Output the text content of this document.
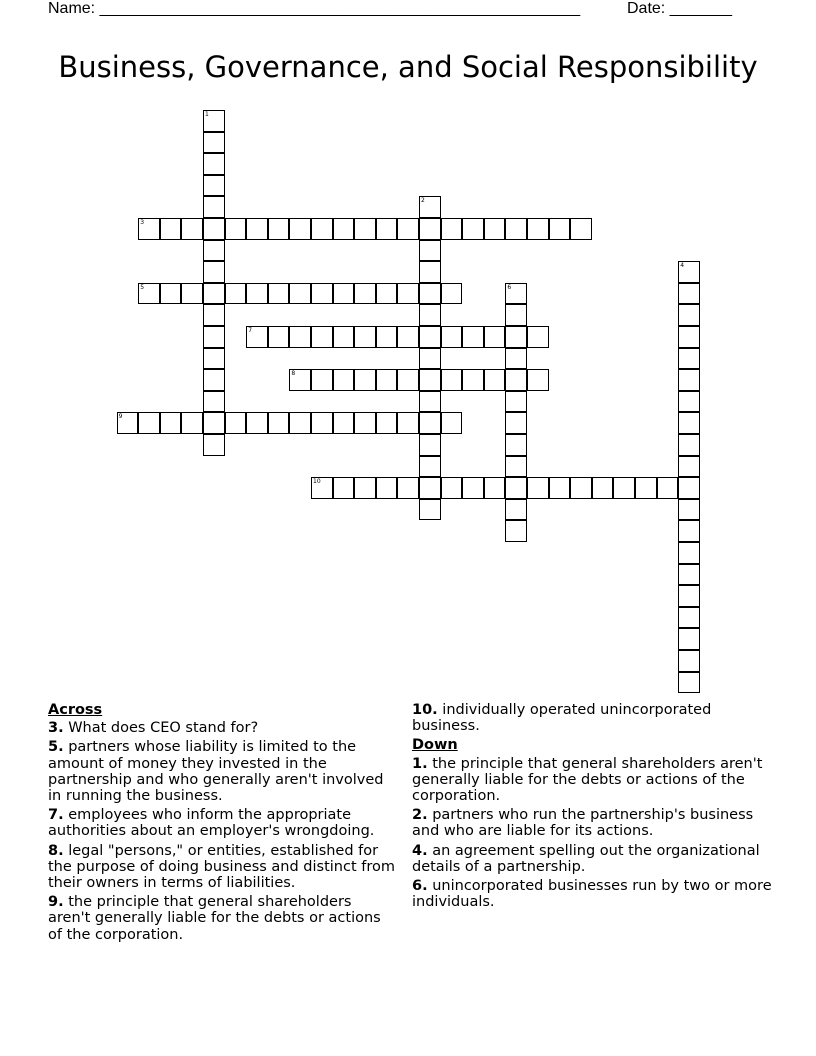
Name: ______________________________________________________	Date: _______
Business, Governance, and Social Responsibility
1
2
3
4
5	6
7
8
9
10
Across
3. What does CEO stand for?
5. partners whose liability is limited to the amount of money they invested in the partnership and who generally aren't involved in running the business.
7. employees who inform the appropriate authorities about an employer's wrongdoing.
8. legal "persons," or entities, established for the purpose of doing business and distinct from their owners in terms of liabilities.
9. the principle that general shareholders aren't generally liable for the debts or actions of the corporation.
10. individually operated unincorporated business.
Down
1. the principle that general shareholders aren't generally liable for the debts or actions of the corporation.
2. partners who run the partnership's business and who are liable for its actions.
4. an agreement spelling out the organizational details of a partnership.
6. unincorporated businesses run by two or more individuals.
